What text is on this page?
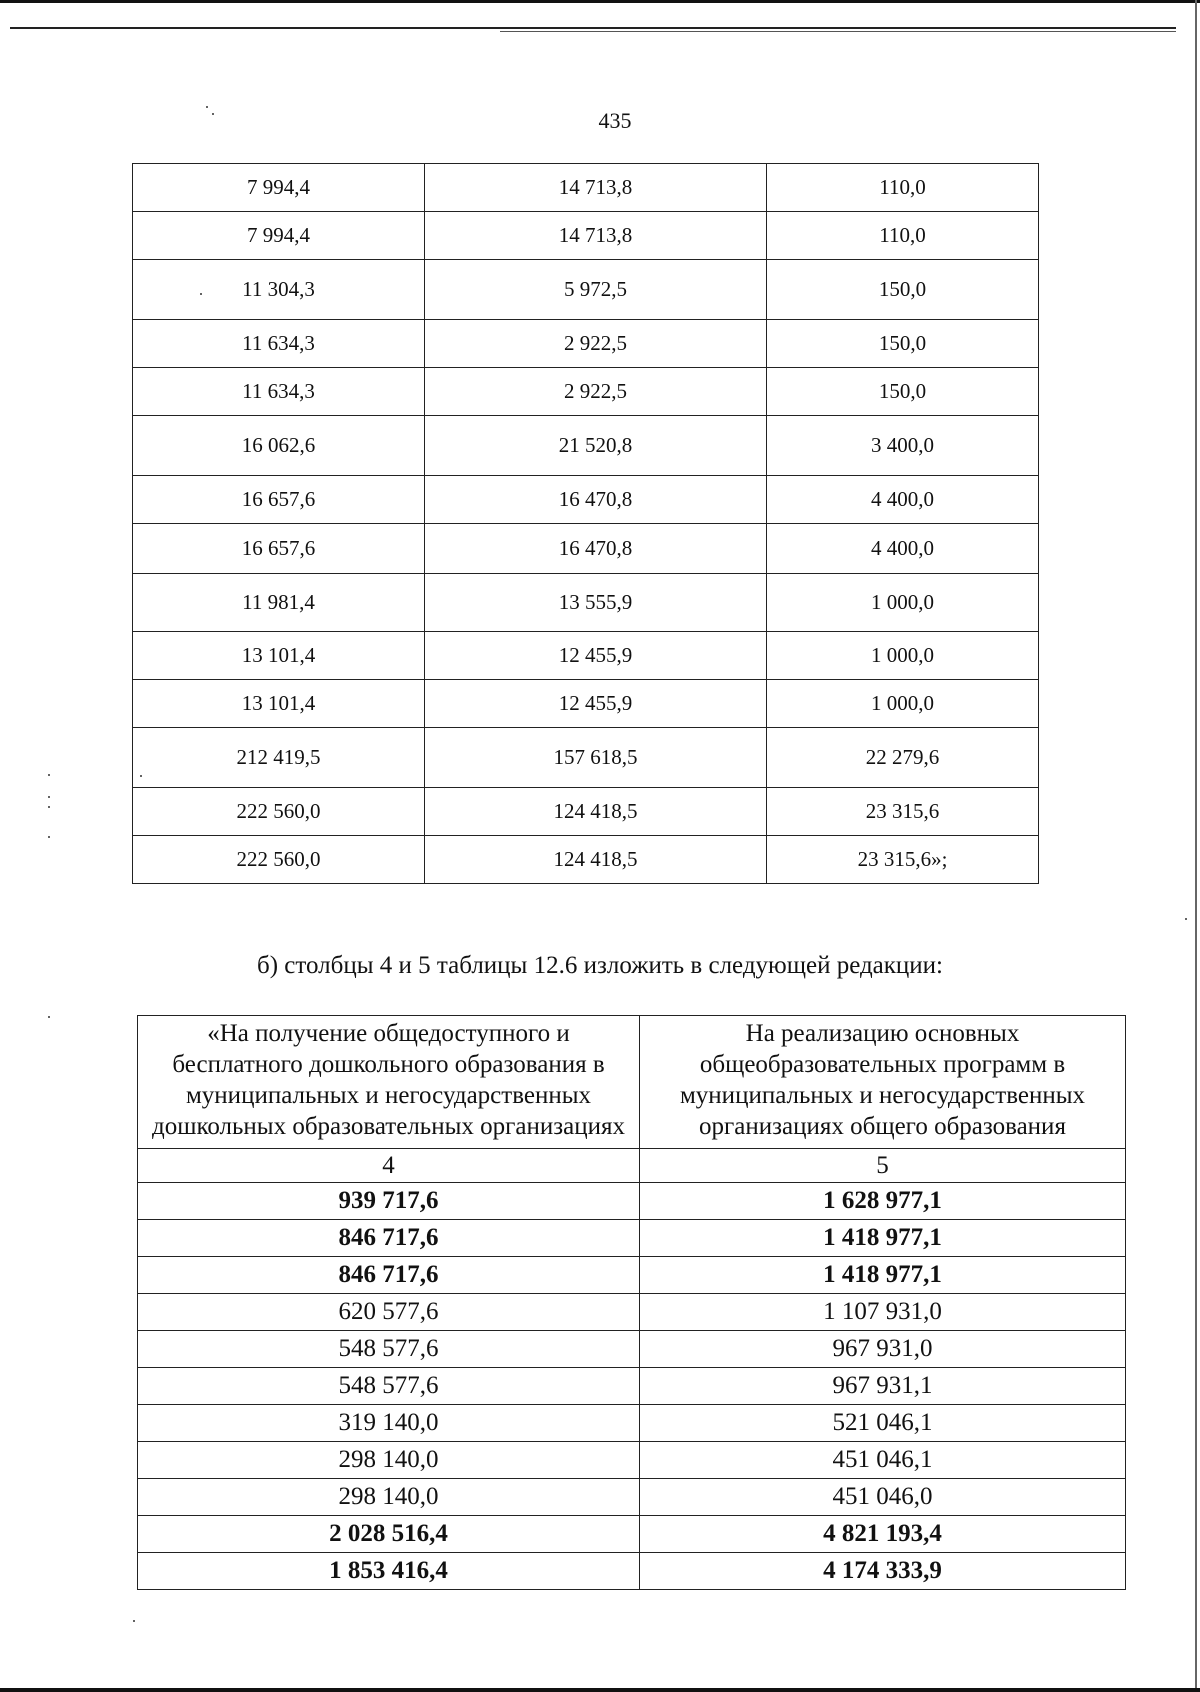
435
7 994,4	14 713,8	110,0
7 994,4	14 713,8	110,0
11 304,3	5 972,5	150,0
11 634,3	2 922,5	150,0
11 634,3	2 922,5	150,0
16 062,6	21 520,8	3 400,0
16 657,6	16 470,8	4 400,0
16 657,6	16 470,8	4 400,0
11 981,4	13 555,9	1 000,0
13 101,4	12 455,9	1 000,0
13 101,4	12 455,9	1 000,0
212 419,5	157 618,5	22 279,6
222 560,0	124 418,5	23 315,6
222 560,0	124 418,5	23 315,6»;
б) столбцы 4 и 5 таблицы 12.6 изложить в следующей редакции:
«На получение общедоступного и бесплатного дошкольного образования в муниципальных и негосударственных дошкольных образовательных организациях	На реализацию основных общеобразовательных программ в муниципальных и негосударственных организациях общего образования
4	5
939 717,6	1 628 977,1
846 717,6	1 418 977,1
846 717,6	1 418 977,1
620 577,6	1 107 931,0
548 577,6	967 931,0
548 577,6	967 931,1
319 140,0	521 046,1
298 140,0	451 046,1
298 140,0	451 046,0
2 028 516,4	4 821 193,4
1 853 416,4	4 174 333,9
